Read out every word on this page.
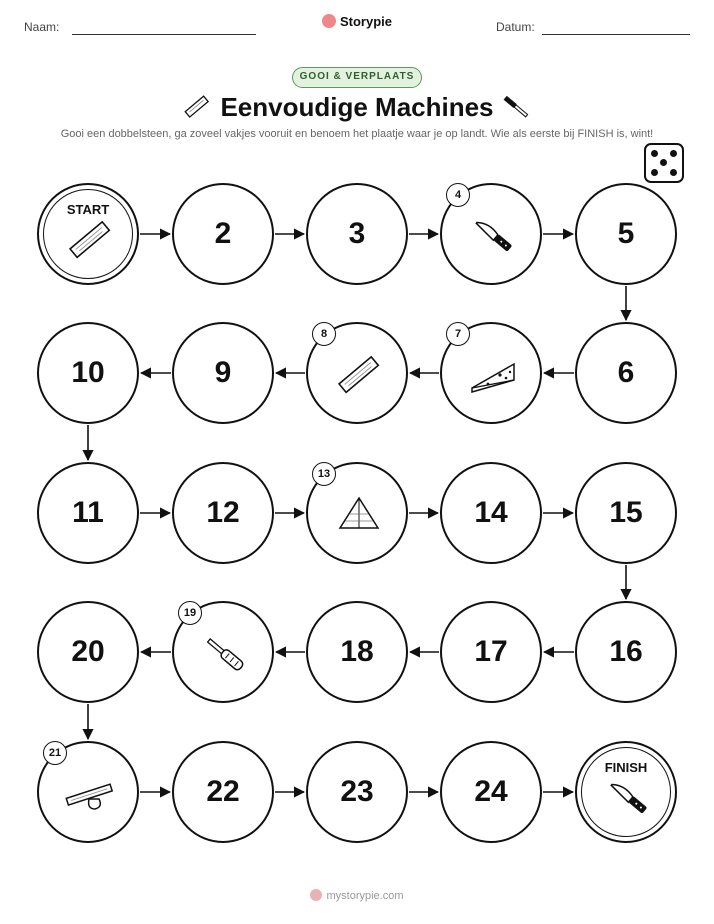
Naam:	Storypie	Datum:
GOOI & VERPLAATS
Eenvoudige Machines
Gooi een dobbelsteen, ga zoveel vakjes vooruit en benoem het plaatje waar je op landt. Wie als eerste bij FINISH is, wint!
START
2	3
4
5
6
7
8
9
10
11	12
13
14	15
16
17
18
19
20
21
22	23	24
FINISH
mystorypie.com
